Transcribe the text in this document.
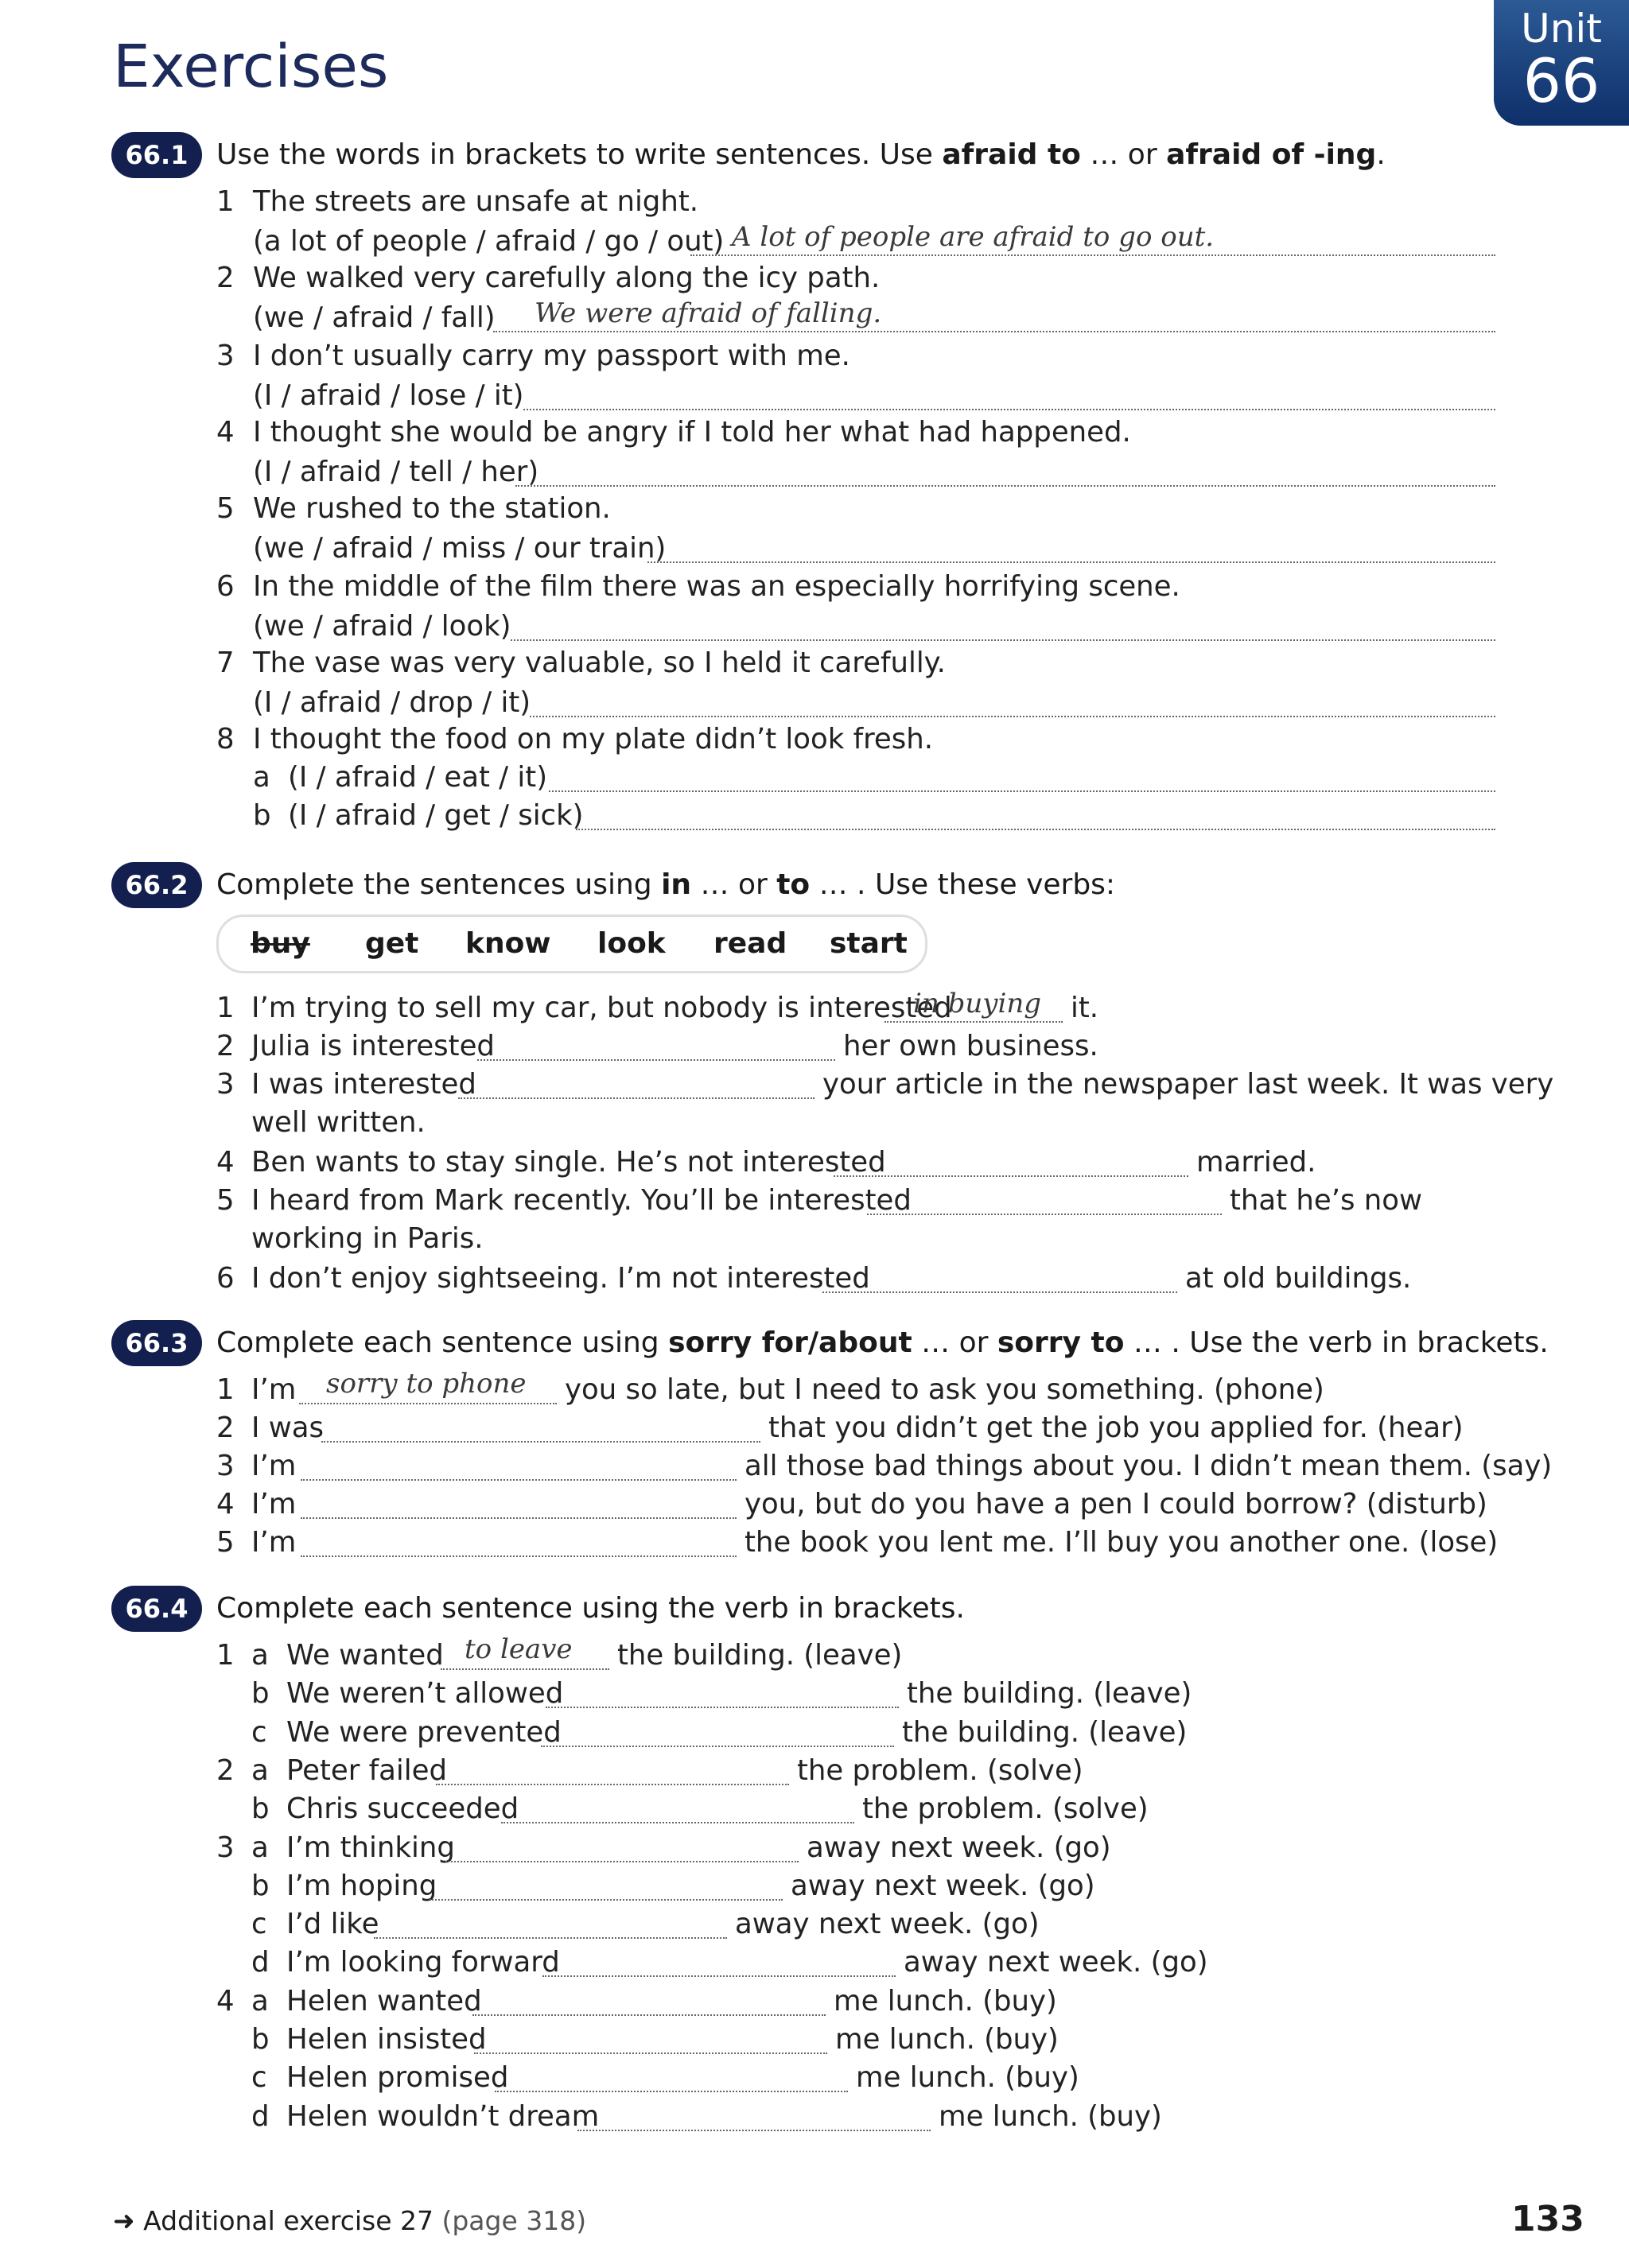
Exercises
Unit
66
66.1 Use the words in brackets to write sentences. Use afraid to … or afraid of -ing.
1 The streets are unsafe at night.
(a lot of people / afraid / go / out) A lot of people are afraid to go out.
2 We walked very carefully along the icy path.
(we / afraid / fall) We were afraid of falling.
3 I don’t usually carry my passport with me.
(I / afraid / lose / it)
4 I thought she would be angry if I told her what had happened.
(I / afraid / tell / her)
5 We rushed to the station.
(we / afraid / miss / our train)
6 In the middle of the film there was an especially horrifying scene.
(we / afraid / look)
7 The vase was very valuable, so I held it carefully.
(I / afraid / drop / it)
8 I thought the food on my plate didn’t look fresh.
a (I / afraid / eat / it)
b (I / afraid / get / sick)
66.2 Complete the sentences using in … or to … . Use these verbs:
buy get know look read start
1 I’m trying to sell my car, but nobody is interested
in buying it.
2 Julia is interested	her own business.
3 I was interested	your article in the newspaper last week. It was very
well written.
4 Ben wants to stay single. He’s not interested	married.
5 I heard from Mark recently. You’ll be interested	that he’s now
working in Paris.
6 I don’t enjoy sightseeing. I’m not interested	at old buildings.
66.3 Complete each sentence using sorry for/about … or sorry to … . Use the verb in brackets.
1 I’m sorry to phone you so late, but I need to ask you something. (phone)
2 I was	that you didn’t get the job you applied for. (hear)
3 I’m	all those bad things about you. I didn’t mean them. (say)
4 I’m	you, but do you have a pen I could borrow? (disturb)
5 I’m	the book you lent me. I’ll buy you another one. (lose)
66.4 Complete each sentence using the verb in brackets.
1 a We wanted to leave the building. (leave)
b We weren’t allowed	the building. (leave)
c We were prevented	the building. (leave)
2 a Peter failed	the problem. (solve)
b Chris succeeded	the problem. (solve)
3 a I’m thinking	away next week. (go)
b I’m hoping	away next week. (go)
c I’d like	away next week. (go)
d I’m looking forward	away next week. (go)
4 a Helen wanted	me lunch. (buy)
b Helen insisted	me lunch. (buy)
c Helen promised	me lunch. (buy)
d Helen wouldn’t dream	me lunch. (buy)
➜ Additional exercise 27 (page 318)	133
